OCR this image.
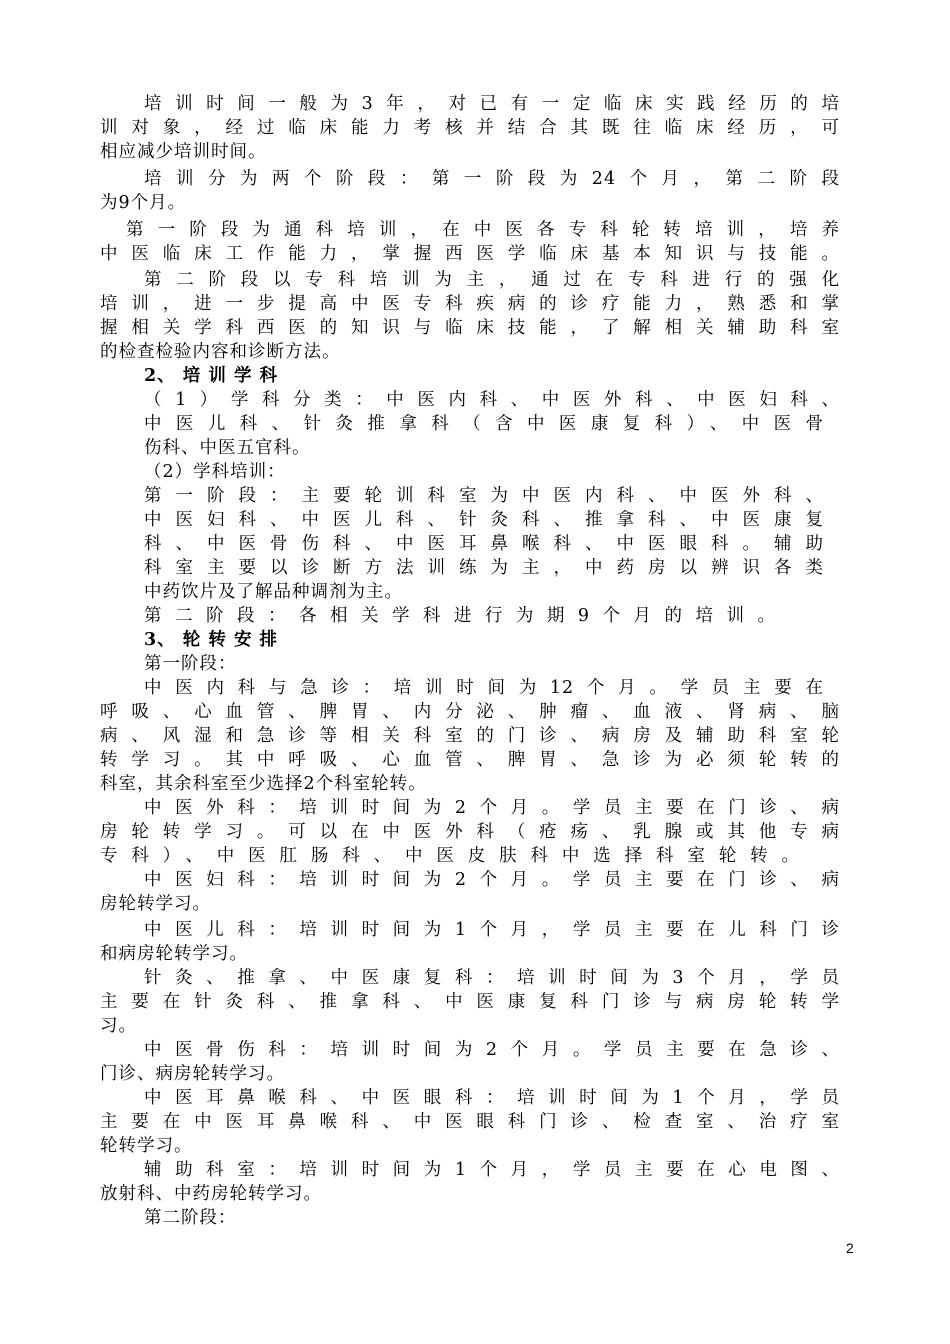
培训时间一般为3年，对已有一定临床实践经历的培
训对象，经过临床能力考核并结合其既往临床经历，可
相应减少培训时间。
培训分为两个阶段：第一阶段为24个月，第二阶段
为9个月。
第一阶段为通科培训，在中医各专科轮转培训，培养
中医临床工作能力，掌握西医学临床基本知识与技能。
第二阶段以专科培训为主，通过在专科进行的强化
培训，进一步提高中医专科疾病的诊疗能力，熟悉和掌
握相关学科西医的知识与临床技能，了解相关辅助科室
的检查检验内容和诊断方法。
2、 培 训 学 科
（1）学科分类：中医内科、中医外科、中医妇科、
中医儿科、针灸推拿科（含中医康复科）、中医骨
伤科、中医五官科。
（2）学科培训：
第一阶段：主要轮训科室为中医内科、中医外科、
中医妇科、中医儿科、针灸科、推拿科、中医康复
科、中医骨伤科、中医耳鼻喉科、中医眼科。辅助
科室主要以诊断方法训练为主，中药房以辨识各类
中药饮片及了解品种调剂为主。
第二阶段：各相关学科进行为期9个月的培训。
3、 轮 转 安 排
第一阶段：
中医内科与急诊：培训时间为12个月。学员主要在
呼吸、心血管、脾胃、内分泌、肿瘤、血液、肾病、脑
病、风湿和急诊等相关科室的门诊、病房及辅助科室轮
转学习。其中呼吸、心血管、脾胃、急诊为必须轮转的
科室，其余科室至少选择2个科室轮转。
中医外科：培训时间为2个月。学员主要在门诊、病
房轮转学习。可以在中医外科（疮疡、乳腺或其他专病
专科）、中医肛肠科、中医皮肤科中选择科室轮转。
中医妇科：培训时间为2个月。学员主要在门诊、病
房轮转学习。
中医儿科：培训时间为1个月，学员主要在儿科门诊
和病房轮转学习。
针灸、推拿、中医康复科：培训时间为3个月，学员
主要在针灸科、推拿科、中医康复科门诊与病房轮转学
习。
中医骨伤科：培训时间为2个月。学员主要在急诊、
门诊、病房轮转学习。
中医耳鼻喉科、中医眼科：培训时间为1个月，学员
主要在中医耳鼻喉科、中医眼科门诊、检查室、治疗室
轮转学习。
辅助科室：培训时间为1个月，学员主要在心电图、
放射科、中药房轮转学习。
第二阶段：
2
